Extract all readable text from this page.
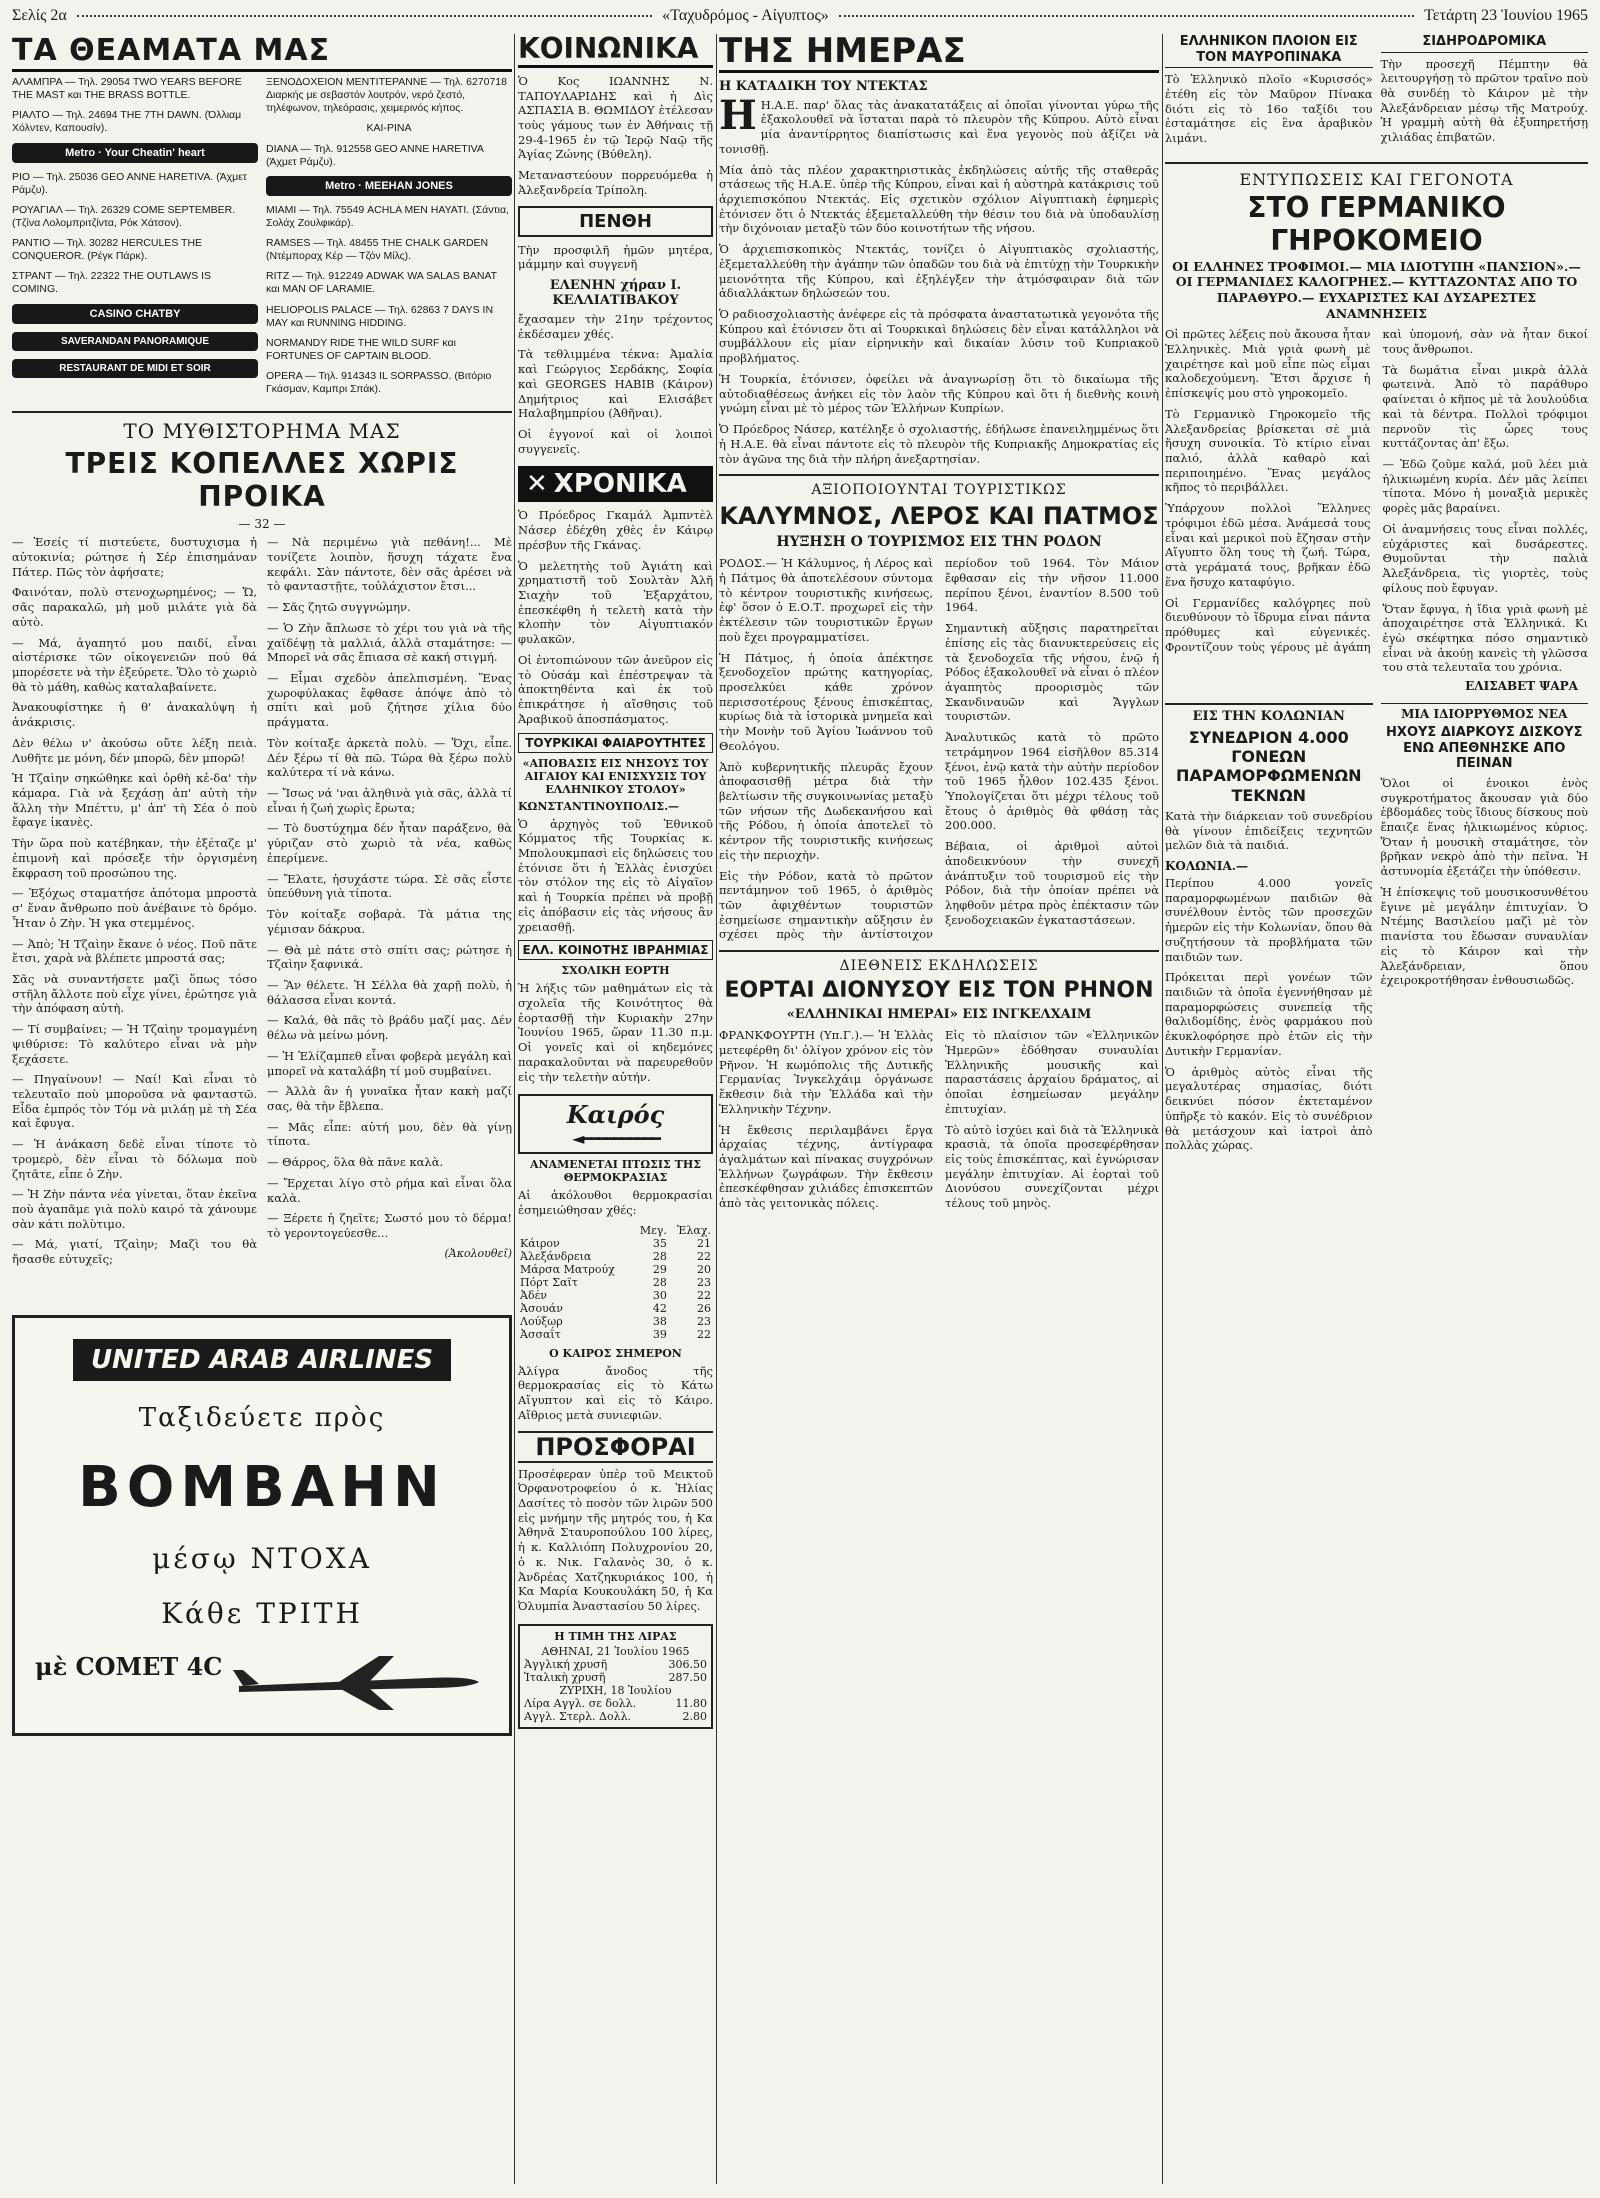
Σελίς 2α	«Ταχυδρόμος - Αίγυπτος»	Τετάρτη 23 Ἰουνίου 1965
ΤΑ ΘΕΑΜΑΤΑ ΜΑΣ
ΑΛΑΜΠΡΑ — Τηλ. 29054 TWO YEARS BEFORE THE MAST και THE BRASS BOTTLE.
ΡΙΑΛΤΟ — Τηλ. 24694 THE 7TH DAWN. (Όλλιαμ Χόλντεν, Καπουσίν).
Metro · Your Cheatin' heart
ΡΙΟ — Τηλ. 25036 GEO ANNE HARETIVA. (Άχμετ Ράμζυ).
ΡΟΥΑΓΙΑΛ — Τηλ. 26329 COME SEPTEMBER. (Τζίνα Λολομπριτζίντα, Ρόκ Χάτσον).
ΡΑΝΤΙΟ — Τηλ. 30282 HERCULES THE CONQUEROR. (Ρέγκ Πάρκ).
ΣΤΡΑΝΤ — Τηλ. 22322 THE OUTLAWS IS COMING.
CASINO CHATBY
SAVERANDAN PANORAMIQUE
RESTAURANT DE MIDI ET SOIR
ΞΕΝΟΔΟΧΕΙΟΝ ΜΕΝΤΙΤΕΡΑΝΝΕ — Τηλ. 6270718 Διαρκής με σεβαστόν λουτρόν, νερό ζεστό, τηλέφωνον, τηλεόρασις, χειμερινός κήπος.
ΚΑΙ-ΡΙΝΑ
DIANA — Τηλ. 912558 GEO ANNE HARETIVA (Άχμετ Ράμζυ).
Metro · MEEHAN JONES
ΜΙΑΜΙ — Τηλ. 75549 ACHLA MEN HAYATI. (Σάντια, Σολάχ Ζουλφικάρ).
RAMSES — Τηλ. 48455 THE CHALK GARDEN (Ντέμποραχ Κέρ — Τζόν Μίλς).
RITZ — Τηλ. 912249 ADWAK WA SALAS BANAT και MAN OF LARAMIE.
HELIOPOLIS PALACE — Τηλ. 62863 7 DAYS IN MAY και RUNNING HIDDING.
NORMANDY RIDE THE WILD SURF και FORTUNES OF CAPTAIN BLOOD.
OPERA — Τηλ. 914343 IL SORPASSO. (Βιτόριο Γκάσμαν, Καμπρι Σπάκ).
ΤΟ ΜΥΘΙΣΤΟΡΗΜΑ ΜΑΣ
ΤΡΕΙΣ ΚΟΠΕΛΛΕΣ ΧΩΡΙΣ ΠΡΟΙΚΑ
— 32 —

— Ἐσείς τί πιστεύετε, δυστυχισμα ἡ αὐτοκινία; ρώτησε ἡ Σέρ ἐπισημάναν Πάτερ. Πῶς τὸν ἀφήσατε;

Φαινόταν, πολὺ στενοχωρημένος; — Ὤ, σᾶς παρακαλῶ, μὴ μοῦ μιλάτε γιὰ δὰ αὐτὸ.

— Μά, ἀγαπητό μου παιδί, εἶναι αἰστέρισκε τῶν οἰκογενειῶν πού θά μπορέσετε νὰ τὴν ἐξεύρετε. Ὅλο τὸ χωριὸ θὰ τὸ μάθη, καθὼς καταλαβαίνετε.

Ἀνακουφίστηκε ἡ θ' ἀνακαλύψη ἡ ἀνάκρισις.

Δὲν θέλω ν' ἀκούσω οὔτε λέξη πειὰ. Λυθῆτε με μόνη, δέν μπορῶ, δὲν μπορῶ!

Ἡ Τζαὶην σηκώθηκε καὶ ὀρθὴ κἐ-δα' τὴν κάμαρα. Γιὰ νὰ ξεχάσῃ ἀπ' αὐτὴ τὴν ἄλλη τὴν Μπέττυ, μ' ἀπ' τὴ Σέα ὁ ποὺ ἔφαγε ἰκανὲς.

Τὴν ὥρα ποὺ κατέβηκαν, τὴν ἐξέταζε μ' ἐπιμονὴ καὶ πρόσεξε τὴν ὀργισμένη ἔκφραση τοῦ προσώπου της.

— Ἐξόχως σταματήσε ἀπότομα μπροστὰ σ' ἕναν ἄνθρωπο ποὺ ἀνέβαινε τὸ δρόμο. Ἦταν ὁ Ζὴν. Ἡ γκα στεμμένος.

— Ἀπὸ; Ἡ Τζαὶην ἔκανε ὁ νέος. Ποῦ πᾶτε ἔτσι, χαρὰ νὰ βλέπετε μπροστά σας;

Σᾶς νὰ συναντήσετε μαζὶ ὅπως τόσο στῆλη ἄλλοτε ποὺ εἶχε γίνει, ἐρώτησε γιὰ τὴν ἀπόφαση αὐτὴ.

— Τί συμβαίνει; — Ἡ Τζαὶην τρομαγμένη ψιθύρισε: Τὸ καλύτερο εἶναι νὰ μὴν ξεχάσετε.

— Πηγαίνουν! — Ναί! Καὶ εἶναι τὸ τελευταῖο ποὺ μποροῦσα νὰ φανταστῶ. Εἶδα ἐμπρός τὸν Τόμ νὰ μιλάῃ μὲ τὴ Σέα καὶ ἔφυγα.

— Ἡ ἀνάκαση δεδὲ εἶναι τίποτε τὸ τρομερὸ, δὲν εἶναι τὸ δόλωμα ποὺ ζητᾶτε, εἶπε ὁ Ζὴν.

— Ἡ Ζὴν πάντα νέα γίνεται, ὅταν ἐκεῖνα ποὺ ἀγαπᾶμε γιὰ πολὺ καιρό τὰ χάνουμε σὰν κάτι πολὺτιμο.

— Μά, γιατί, Τζαὶην; Μαζὶ του θὰ ἤσασθε εὐτυχεῖς;

— Νὰ περιμένω γιὰ πεθάνη!... Μὲ τονίζετε λοιπὸν, ἥσυχη τάχατε ἔνα κεφάλι. Σὰν πάντοτε, δὲν σᾶς ἀρέσει νὰ τὸ φανταστῇτε, τοὐλάχιστον ἔτσι...

— Σᾶς ζητῶ συγγνώμην.

— Ὁ Ζὴν ἄπλωσε τὸ χέρι του γιὰ νὰ τῆς χαϊδέψῃ τὰ μαλλιά, ἀλλὰ σταμάτησε: — Μπορεῖ νὰ σᾶς ἔπιασα σὲ κακή στιγμή.

— Εἶμαι σχεδὸν ἀπελπισμένη. Ἕνας χωροφύλακας ἔφθασε ἀπόψε ἀπὸ τὸ σπίτι καὶ μοῦ ζήτησε χίλια δύο πράγματα.

Τὸν κοίταξε ἀρκετὰ πολὺ. — Ὅχι, εἶπε. Δέν ξέρω τί θὰ πῶ. Τώρα θὰ ξέρω πολὺ καλύτερα τί νὰ κάνω.

— Ἴσως νά 'ναι ἀληθινὰ γιὰ σᾶς, ἀλλὰ τί εἶναι ἡ ζωή χωρὶς ἔρωτα;

— Τὸ δυστύχημα δέν ἦταν παράξενο, θὰ γύριζαν στὸ χωριὸ τὰ νέα, καθὼς ἐπερίμενε.

— Ἔλατε, ἡσυχάστε τώρα. Σὲ σᾶς εἶστε ὑπεύθυνη γιὰ τίποτα.

Τὸν κοίταξε σοβαρὰ. Τὰ μάτια της γέμισαν δάκρυα.

— Θὰ μὲ πάτε στὸ σπίτι σας; ρώτησε ἡ Τζαὶην ξαφνικά.

— Ἂν θέλετε. Ἡ Σέλλα θὰ χαρῇ πολὺ, ἡ θάλασσα εἶναι κοντά.

— Καλά, θὰ πᾶς τὸ βράδυ μαζί μας. Δέν θέλω νὰ μείνω μόνη.

— Ἡ Ἐλίζαμπεθ εἶναι φοβερὰ μεγάλη καὶ μπορεῖ νὰ καταλάβη τί μοῦ συμβαίνει.

— Ἀλλὰ ἂν ἡ γυναῖκα ἦταν κακὴ μαζί σας, θὰ τὴν ἔβλεπα.

— Μᾶς εἶπε: αὐτή μου, δὲν θὰ γίνῃ τίποτα.

— Θάρρος, ὅλα θὰ πᾶνε καλὰ.

— Ἔρχεται λίγο στὸ ρήμα καὶ εἶναι ὅλα καλὰ.

— Ξέρετε ἡ ζηεῖτε; Σωστό μου τὸ δέρμα! τὸ γεροντογεύεσθε...

(Ἀκολουθεῖ)
UNITED ARAB AIRLINES
Ταξιδεύετε πρὸς
ΒΟΜΒΑΗΝ
μέσῳ ΝΤΟΧΑ
Κάθε ΤΡΙΤΗ
μὲ COMET 4C
ΚΟΙΝΩΝΙΚΑ

Ὁ Κος ΙΩΑΝΝΗΣ Ν. ΤΑΠΟΥΛΑΡΙΔΗΣ καὶ ἡ Δὶς ΑΣΠΑΣΙΑ Β. ΘΩΜΙΔΟΥ ἐτέλεσαν τοὺς γάμους των ἐν Ἀθήναις τῇ 29-4-1965 ἐν τῷ Ἱερῷ Ναῷ τῆς Ἁγίας Ζώνης (Βύθελη).

Μεταναστεύουν πορρευόμεθα ἡ Ἀλεξανδρεία Τρίπολη.

ΠΕΝΘΗ

Τὴν προσφιλῆ ἡμῶν μητέρα, μάμμην καὶ συγγενῆ

ΕΛΕΝΗΝ χήραν Ι. ΚΕΛΛΙΑΤΙΒΑΚΟΥ

ἔχασαμεν τὴν 21ην τρέχοντος ἐκδέσαμεν χθές.

Τὰ τεθλιμμένα τέκνα: Ἀμαλία καὶ Γεώργιος Σερδάκης, Σοφία καὶ GEORGES HABIB (Κάιρον) Δημήτριος καὶ Ελισάβετ Ηαλαβημπρίου (Ἀθῆναι).

Οἱ ἐγγονοί καὶ οἱ λοιποὶ συγγενεῖς.

✕ ΧΡΟΝΙΚΑ

Ὁ Πρόεδρος Γκαμάλ Ἀμπντὲλ Νάσερ ἐδέχθη χθὲς ἐν Κάιρῳ πρέσβυν τῆς Γκάνας.

Ὁ μελετητὴς τοῦ Ἀγιάτη καὶ χρηματιστῆ τοῦ Σουλτὰν Ἀλῆ Σιαχὴν τοῦ Ἐξαρχάτου, ἐπεσκέφθη ἡ τελετὴ κατὰ τὴν κλοπὴν τὸν Αἰγυπτιακόν φυλακῶν.

Οἱ ἐντοπιώνουν τῶν ἀνεῦρον εἰς τὸ Οὐσάμ καὶ ἐπέστρεψαν τὰ ἀποκτηθέντα καὶ ἐκ τοῦ ἐπικράτησε ἡ αἴσθησις τοῦ Ἀραβικοῦ ἀποσπάσματος.

ΤΟΥΡΚΙΚΑΙ ΦΑΙΑΡΟΥΤΗΤΕΣ
«ΑΠΟΒΑΣΙΣ ΕΙΣ ΝΗΣΟΥΣ ΤΟΥ ΑΙΓΑΙΟΥ ΚΑΙ ΕΝΙΣΧΥΣΙΣ ΤΟΥ ΕΛΛΗΝΙΚΟΥ ΣΤΟΛΟΥ»
ΚΩΝΣΤΑΝΤΙΝΟΥΠΟΛΙΣ.—

Ὁ ἀρχηγὸς τοῦ Ἐθνικοῦ Κόμματος τῆς Τουρκίας κ. Μπολουκμπασὶ εἰς δηλώσεις του ἐτόνισε ὅτι ἡ Ἑλλὰς ἐνισχύει τὸν στόλον της εἰς τὸ Αἰγαῖον καὶ ἡ Τουρκία πρέπει νὰ προβῇ εἰς ἀπόβασιν εἰς τὰς νήσους ἂν χρειασθῇ.

ΕΛΛ. ΚΟΙΝΟΤΗΣ ΙΒΡΑΗΜΙΑΣ
ΣΧΟΛΙΚΗ ΕΟΡΤΗ

Ἡ λήξις τῶν μαθημάτων εἰς τὰ σχολεῖα τῆς Κοινότητος θὰ ἑορτασθῇ τὴν Κυριακὴν 27ην Ἰουνίου 1965, ὥραν 11.30 π.μ. Οἱ γονεῖς καὶ οἱ κηδεμόνες παρακαλοῦνται νὰ παρευρεθοῦν εἰς τὴν τελετὴν αὐτήν.

Καιρός
◄━━━━━━━━━━
ΑΝΑΜΕΝΕΤΑΙ ΠΤΩΣΙΣ ΤΗΣ ΘΕΡΜΟΚΡΑΣΙΑΣ

Αἱ ἀκόλουθοι θερμοκρασίαι ἐσημειώθησαν χθές:

	Μεγ.	Ἐλαχ.
Κάιρον	35	21
Ἀλεξάνδρεια	28	22
Μάρσα Ματρούχ	29	20
Πόρτ Σαϊτ	28	23
Ἀδέν	30	22
Ἀσουάν	42	26
Λούξωρ	38	23
Ἀσσαΐτ	39	22
Ο ΚΑΙΡΟΣ ΣΗΜΕΡΟΝ

Ἀλίγρα ἄνοδος τῆς θερμοκρασίας εἰς τὸ Κάτω Αἴγυπτον καὶ εἰς τὸ Κάιρο. Αἴθριος μετὰ συνιεφιῶν.

ΠΡΟΣΦΟΡΑΙ

Προσέφεραν ὑπὲρ τοῦ Μεικτοῦ Ὀρφανοτροφείου ὁ κ. Ἠλίας Δασίτες τὸ ποσὸν τῶν λιρῶν 500 εἰς μνήμην τῆς μητρός του, ἡ Κα Ἀθηνᾶ Σταυροπούλου 100 λίρες, ἡ κ. Καλλιόπη Πολυχρονίου 20, ὁ κ. Νικ. Γαλανὸς 30, ὁ κ. Ἀνδρέας Χατζηκυριάκος 100, ἡ Κα Μαρία Κουκουλάκη 50, ἡ Κα Ὀλυμπία Ἀναστασίου 50 λίρες.

Η ΤΙΜΗ ΤΗΣ ΛΙΡΑΣ
ΑΘΗΝΑΙ, 21 Ἰουλίου 1965
Ἀγγλική χρυσῆ	306.50
Ἰταλικὴ χρυσῆ	287.50
ΖΥΡΙΧΗ, 18 Ἰουλίου
Λίρα Αγγλ. σε δολλ.	11.80
Αγγλ. Στερλ. Δολλ.	2.80
ΤΗΣ ΗΜΕΡΑΣ
Η ΚΑΤΑΔΙΚΗ ΤΟΥ ΝΤΕΚΤΑΣ

ΗΗ.Α.Ε. παρ' ὅλας τὰς ἀνακατατάξεις αἱ ὁποῖαι γίνονται γύρω τῆς ἐξακολουθεῖ νὰ ἵσταται παρὰ τὸ πλευρὸν τῆς Κύπρου. Αὐτὸ εἶναι μία ἀναντίρρητος διαπίστωσις καὶ ἕνα γεγονὸς ποὺ ἀξίζει νὰ τονισθῇ.

Μία ἀπὸ τὰς πλέον χαρακτηριστικὰς ἐκδηλώσεις αὐτῆς τῆς σταθερᾶς στάσεως τῆς Η.Α.Ε. ὑπὲρ τῆς Κύπρου, εἶναι καὶ ἡ αὐστηρὰ κατάκρισις τοῦ ἀρχιεπισκόπου Ντεκτάς. Εἰς σχετικὸν σχόλιον Αἰγυπτιακὴ ἐφημερὶς ἐτόνισεν ὅτι ὁ Ντεκτάς ἐξεμεταλλεύθη τὴν θέσιν του διὰ νὰ ὑποδαυλίσῃ τὴν διχόνοιαν μεταξὺ τῶν δύο κοινοτήτων τῆς νήσου.

Ὁ ἀρχιεπισκοπικὸς Ντεκτάς, τονίζει ὁ Αἰγυπτιακὸς σχολιαστής, ἐξεμεταλλεύθη τὴν ἀγάπην τῶν ὀπαδῶν του διὰ νὰ ἐπιτύχῃ τὴν Τουρκικὴν μειονότητα τῆς Κύπρου, καὶ ἐξηλέγξεν τὴν ἀτμόσφαιραν διὰ τῶν ἀδιαλλάκτων δηλώσεών του.

Ὁ ραδιοσχολιαστὴς ἀνέφερε εἰς τὰ πρόσφατα ἀναστατωτικὰ γεγονότα τῆς Κύπρου καὶ ἐτόνισεν ὅτι αἱ Τουρκικαὶ δηλώσεις δὲν εἶναι κατάλληλοι νὰ συμβάλλουν εἰς μίαν εἰρηνικὴν καὶ δικαίαν λύσιν τοῦ Κυπριακοῦ προβλήματος.

Ἡ Τουρκία, ἐτόνισεν, ὀφείλει νὰ ἀναγνωρίσῃ ὅτι τὸ δικαίωμα τῆς αὐτοδιαθέσεως ἀνήκει εἰς τὸν λαὸν τῆς Κύπρου καὶ ὅτι ἡ διεθνὴς κοινὴ γνώμη εἶναι μὲ τὸ μέρος τῶν Ἑλλήνων Κυπρίων.

Ὁ Πρόεδρος Νάσερ, κατέληξε ὁ σχολιαστής, ἐδήλωσε ἐπανειλημμένως ὅτι ἡ Η.Α.Ε. θὰ εἶναι πάντοτε εἰς τὸ πλευρὸν τῆς Κυπριακῆς Δημοκρατίας εἰς τὸν ἀγῶνα της διὰ τὴν πλήρη ἀνεξαρτησίαν.

ΑΞΙΟΠΟΙΟΥΝΤΑΙ ΤΟΥΡΙΣΤΙΚΩΣ
ΚΑΛΥΜΝΟΣ, ΛΕΡΟΣ ΚΑΙ ΠΑΤΜΟΣ
ΗΥΞΗΣΗ Ο ΤΟΥΡΙΣΜΟΣ ΕΙΣ ΤΗΝ ΡΟΔΟΝ

ΡΟΔΟΣ.— Ἡ Κάλυμνος, ἡ Λέρος καὶ ἡ Πάτμος θὰ ἀποτελέσουν σύντομα τὸ κέντρον τουριστικῆς κινήσεως, ἐφ' ὅσον ὁ Ε.Ο.Τ. προχωρεῖ εἰς τὴν ἐκτέλεσιν τῶν τουριστικῶν ἔργων ποὺ ἔχει προγραμματίσει.

Ἡ Πάτμος, ἡ ὁποία ἀπέκτησε ξενοδοχεῖον πρώτης κατηγορίας, προσελκύει κάθε χρόνον περισσοτέρους ξένους ἐπισκέπτας, κυρίως διὰ τὰ ἱστορικὰ μνημεῖα καὶ τὴν Μονὴν τοῦ Ἁγίου Ἰωάννου τοῦ Θεολόγου.

Ἀπὸ κυβερνητικῆς πλευρᾶς ἔχουν ἀποφασισθῇ μέτρα διὰ τὴν βελτίωσιν τῆς συγκοινωνίας μεταξὺ τῶν νήσων τῆς Δωδεκανήσου καὶ τῆς Ρόδου, ἡ ὁποία ἀποτελεῖ τὸ κέντρον τῆς τουριστικῆς κινήσεως εἰς τὴν περιοχὴν.

Εἰς τὴν Ρόδον, κατὰ τὸ πρῶτον πεντάμηνον τοῦ 1965, ὁ ἀριθμὸς τῶν ἀφιχθέντων τουριστῶν ἐσημείωσε σημαντικὴν αὔξησιν ἐν σχέσει πρὸς τὴν ἀντίστοιχον περίοδον τοῦ 1964. Τὸν Μάιον ἔφθασαν εἰς τὴν νῆσον 11.000 περίπου ξένοι, ἐναντίον 8.500 τοῦ 1964.

Σημαντικὴ αὔξησις παρατηρεῖται ἐπίσης εἰς τὰς διανυκτερεύσεις εἰς τὰ ξενοδοχεῖα τῆς νήσου, ἐνῷ ἡ Ρόδος ἐξακολουθεῖ νὰ εἶναι ὁ πλέον ἀγαπητὸς προορισμὸς τῶν Σκανδιναυῶν καὶ Ἄγγλων τουριστῶν.

Ἀναλυτικῶς κατὰ τὸ πρῶτο τετράμηνον 1964 εἰσῆλθον 85.314 ξένοι, ἐνῷ κατὰ τὴν αὐτὴν περίοδον τοῦ 1965 ἦλθον 102.435 ξένοι. Ὑπολογίζεται ὅτι μέχρι τέλους τοῦ ἔτους ὁ ἀριθμὸς θὰ φθάσῃ τὰς 200.000.

Βέβαια, οἱ ἀριθμοὶ αὐτοὶ ἀποδεικνύουν τὴν συνεχῆ ἀνάπτυξιν τοῦ τουρισμοῦ εἰς τὴν Ρόδον, διὰ τὴν ὁποίαν πρέπει νὰ ληφθοῦν μέτρα πρὸς ἐπέκτασιν τῶν ξενοδοχειακῶν ἐγκαταστάσεων.

ΔΙΕΘΝΕΙΣ ΕΚΔΗΛΩΣΕΙΣ
ΕΟΡΤΑΙ ΔΙΟΝΥΣΟΥ ΕΙΣ ΤΟΝ ΡΗΝΟΝ
«ΕΛΛΗΝΙΚΑΙ ΗΜΕΡΑΙ» ΕΙΣ ΙΝΓΚΕΛΧΑΙΜ

ΦΡΑΝΚΦΟΥΡΤΗ (Υπ.Γ.).— Ἡ Ἑλλὰς μετεφέρθη δι' ὀλίγον χρόνον εἰς τὸν Ρῆνον. Ἡ κωμόπολις τῆς Δυτικῆς Γερμανίας Ἰνγκελχάιμ ὀργάνωσε ἔκθεσιν διὰ τὴν Ἑλλάδα καὶ τὴν Ἑλληνικὴν Τέχνην.

Ἡ ἔκθεσις περιλαμβάνει ἔργα ἀρχαίας τέχνης, ἀντίγραφα ἀγαλμάτων καὶ πίνακας συγχρόνων Ἑλλήνων ζωγράφων. Τὴν ἔκθεσιν ἐπεσκέφθησαν χιλιάδες ἐπισκεπτῶν ἀπὸ τὰς γειτονικὰς πόλεις.

Εἰς τὸ πλαίσιον τῶν «Ἑλληνικῶν Ἡμερῶν» ἐδόθησαν συναυλίαι Ἑλληνικῆς μουσικῆς καὶ παραστάσεις ἀρχαίου δράματος, αἱ ὁποῖαι ἐσημείωσαν μεγάλην ἐπιτυχίαν.

Τὸ αὐτὸ ἰσχύει καὶ διὰ τὰ Ἑλληνικὰ κρασιὰ, τὰ ὁποῖα προσεφέρθησαν εἰς τοὺς ἐπισκέπτας, καὶ ἐγνώρισαν μεγάλην ἐπιτυχίαν. Αἱ ἑορταὶ τοῦ Διονύσου συνεχίζονται μέχρι τέλους τοῦ μηνὸς.

ΕΛΛΗΝΙΚΟΝ ΠΛΟΙΟΝ ΕΙΣ ΤΟΝ ΜΑΥΡΟΠΙΝΑΚΑ

Τὸ Ἑλληνικὸ πλοῖο «Κυρισσός» ἐτέθη εἰς τὸν Μαῦρον Πίνακα διότι εἰς τὸ 16ο ταξίδι του ἐσταμάτησε εἰς ἓνα ἀραβικὸν λιμάνι.

ΣΙΔΗΡΟΔΡΟΜΙΚΑ

Τὴν προσεχῆ Πέμπτην θὰ λειτουργήσῃ τὸ πρῶτον τραῖνο ποὺ θὰ συνδέῃ τὸ Κάιρον μὲ τὴν Ἀλεξάνδρειαν μέσῳ τῆς Ματρούχ. Ἡ γραμμὴ αὐτὴ θὰ ἐξυπηρετήσῃ χιλιάδας ἐπιβατῶν.

ΕΝΤΥΠΩΣΕΙΣ ΚΑΙ ΓΕΓΟΝΟΤΑ
ΣΤΟ ΓΕΡΜΑΝΙΚΟ ΓΗΡΟΚΟΜΕΙΟ
ΟΙ ΕΛΛΗΝΕΣ ΤΡΟΦΙΜΟΙ.— ΜΙΑ ΙΔΙΟΤΥΠΗ «ΠΑΝΣΙΟΝ».— ΟΙ ΓΕΡΜΑΝΙΔΕΣ ΚΑΛΟΓΡΗΕΣ.— ΚΥΤΤΑΖΟΝΤΑΣ ΑΠΟ ΤΟ ΠΑΡΑΘΥΡΟ.— ΕΥΧΑΡΙΣΤΕΣ ΚΑΙ ΔΥΣΑΡΕΣΤΕΣ ΑΝΑΜΝΗΣΕΙΣ

Οἱ πρῶτες λέξεις ποὺ ἄκουσα ἦταν Ἑλληνικὲς. Μιὰ γριὰ φωνὴ μὲ χαιρέτησε καὶ μοῦ εἶπε πὼς εἶμαι καλοδεχούμενη. Ἔτσι ἄρχισε ἡ ἐπίσκεψίς μου στὸ γηροκομεῖο.

Τὸ Γερμανικὸ Γηροκομεῖο τῆς Ἀλεξανδρείας βρίσκεται σὲ μιὰ ἥσυχη συνοικία. Τὸ κτίριο εἶναι παλιό, ἀλλὰ καθαρὸ καὶ περιποιημένο. Ἕνας μεγάλος κῆπος τὸ περιβάλλει.

Ὑπάρχουν πολλοὶ Ἕλληνες τρόφιμοι ἐδῶ μέσα. Ἀνάμεσά τους εἶναι καὶ μερικοὶ ποὺ ἔζησαν στὴν Αἴγυπτο ὅλη τους τὴ ζωή. Τώρα, στὰ γεράματά τους, βρῆκαν ἐδῶ ἕνα ἥσυχο καταφύγιο.

Οἱ Γερμανίδες καλόγρηες ποὺ διευθύνουν τὸ ἵδρυμα εἶναι πάντα πρόθυμες καὶ εὐγενικές. Φροντίζουν τοὺς γέρους μὲ ἀγάπη καὶ ὑπομονή, σὰν νὰ ἦταν δικοί τους ἄνθρωποι.

Τὰ δωμάτια εἶναι μικρὰ ἀλλὰ φωτεινὰ. Ἀπὸ τὸ παράθυρο φαίνεται ὁ κῆπος μὲ τὰ λουλούδια καὶ τὰ δέντρα. Πολλοὶ τρόφιμοι περνοῦν τὶς ὧρες τους κυττάζοντας ἀπ' ἔξω.

— Ἐδῶ ζοῦμε καλά, μοῦ λέει μιὰ ἡλικιωμένη κυρία. Δέν μᾶς λείπει τίποτα. Μόνο ἡ μοναξιὰ μερικὲς φορὲς μᾶς βαραίνει.

Οἱ ἀναμνήσεις τους εἶναι πολλές, εὐχάριστες καὶ δυσάρεστες. Θυμοῦνται τὴν παλιὰ Ἀλεξάνδρεια, τὶς γιορτὲς, τοὺς φίλους ποὺ ἔφυγαν.

Ὅταν ἔφυγα, ἡ ἴδια γριὰ φωνὴ μὲ ἀποχαιρέτησε στὰ Ἑλληνικά. Κι ἐγὼ σκέφτηκα πόσο σημαντικὸ εἶναι νὰ ἀκούῃ κανεὶς τὴ γλῶσσα του στὰ τελευταῖα του χρόνια.

ΕΛΙΣΑΒΕΤ ΨΑΡΑ
ΕΙΣ ΤΗΝ ΚΟΛΩΝΙΑΝ
ΣΥΝΕΔΡΙΟΝ 4.000 ΓΟΝΕΩΝ ΠΑΡΑΜΟΡΦΩΜΕΝΩΝ ΤΕΚΝΩΝ

Κατὰ τὴν διάρκειαν τοῦ συνεδρίου θὰ γίνουν ἐπιδείξεις τεχνητῶν μελῶν διὰ τὰ παιδιά.

ΚΟΛΩΝΙΑ.—

Περίπου 4.000 γονεῖς παραμορφωμένων παιδιῶν θὰ συνέλθουν ἐντὸς τῶν προσεχῶν ἡμερῶν εἰς τὴν Κολωνίαν, ὅπου θὰ συζητήσουν τὰ προβλήματα τῶν παιδιῶν των.

Πρόκειται περὶ γονέων τῶν παιδιῶν τὰ ὁποῖα ἐγεννήθησαν μὲ παραμορφώσεις συνεπείᾳ τῆς θαλιδομίδης, ἑνὸς φαρμάκου ποὺ ἐκυκλοφόρησε πρὸ ἐτῶν εἰς τὴν Δυτικὴν Γερμανίαν.

Ὁ ἀριθμὸς αὐτὸς εἶναι τῆς μεγαλυτέρας σημασίας, διότι δεικνύει πόσον ἐκτεταμένον ὑπῆρξε τὸ κακόν. Εἰς τὸ συνέδριον θὰ μετάσχουν καὶ ἰατροὶ ἀπὸ πολλὰς χώρας.

ΜΙΑ ΙΔΙΟΡΡΥΘΜΟΣ ΝΕΑ
ΗΧΟΥΣ ΔΙΑΡΚΟΥΣ ΔΙΣΚΟΥΣ ΕΝΩ ΑΠΕΘΝΗΣΚΕ ΑΠΟ ΠΕΙΝΑΝ

Ὅλοι οἱ ἐνοικοι ἐνὸς συγκροτήματος ἄκουσαν γιὰ δύο ἑβδομάδες τοὺς ἴδιους δίσκους ποὺ ἔπαιζε ἕνας ἡλικιωμένος κύριος. Ὅταν ἡ μουσικὴ σταμάτησε, τὸν βρῆκαν νεκρὸ ἀπὸ τὴν πεῖνα. Ἡ ἀστυνομία ἐξετάζει τὴν ὑπόθεσιν.

Ἡ ἐπίσκεψις τοῦ μουσικοσυνθέτου ἔγινε μὲ μεγάλην ἐπιτυχίαν. Ὁ Ντέμης Βασιλείου μαζὶ μὲ τὸν πιανίστα του ἔδωσαν συναυλίαν εἰς τὸ Κάιρον καὶ τὴν Ἀλεξάνδρειαν, ὅπου ἐχειροκροτήθησαν ἐνθουσιωδῶς.
